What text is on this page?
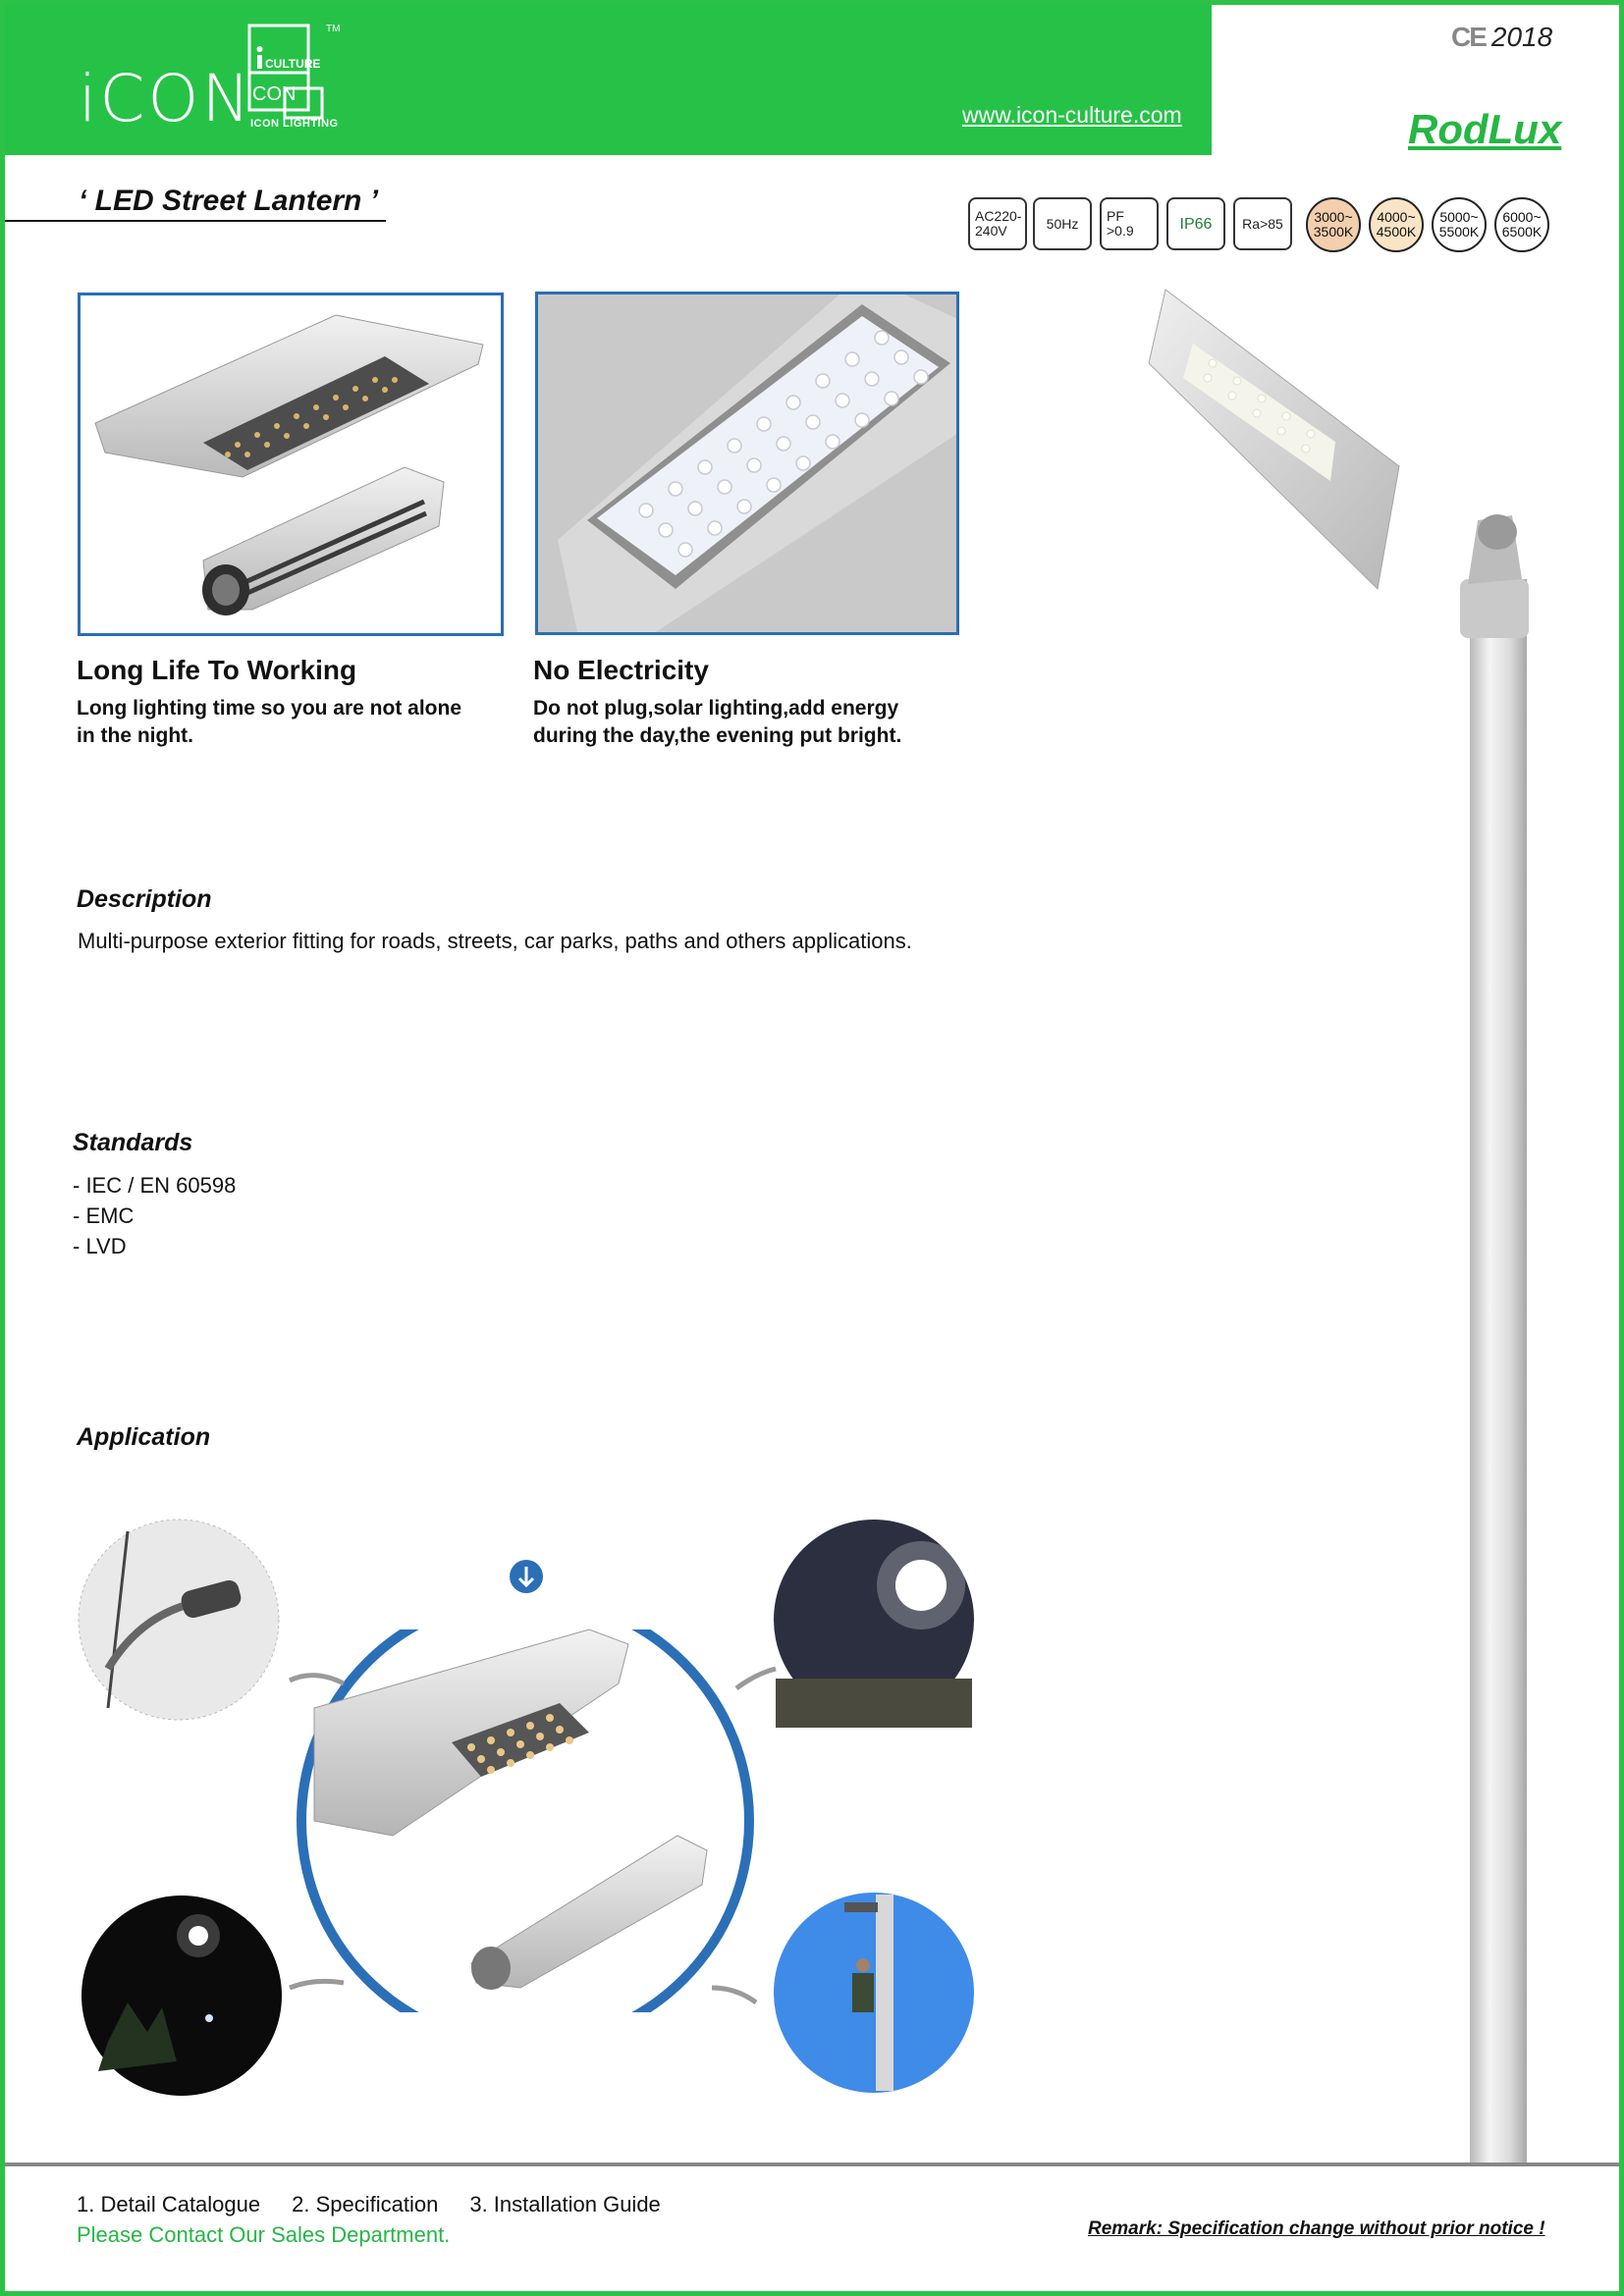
iCON
TM
CULTURE
CON
ICON LIGHTING	www.icon-culture.com
CE 2018
RodLux
‘ LED Street Lantern ’	AC220-
240V	50Hz PF
>0.9	IP66 Ra>85 3000~
3500K
4000~
4500K
5000~
5500K
6000~
6500K
Long Life To Working
Long lighting time so you are not alone
in the night.
No Electricity
Do not plug,solar lighting,add energy
during the day,the evening put bright.
Description
Multi-purpose exterior fitting for roads, streets, car parks, paths and others applications.
Standards
- IEC / EN 60598
- EMC
- LVD
Application
1. Detail Catalogue 2. Specification 3. Installation Guide
Please Contact Our Sales Department.	Remark: Specification change without prior notice !
